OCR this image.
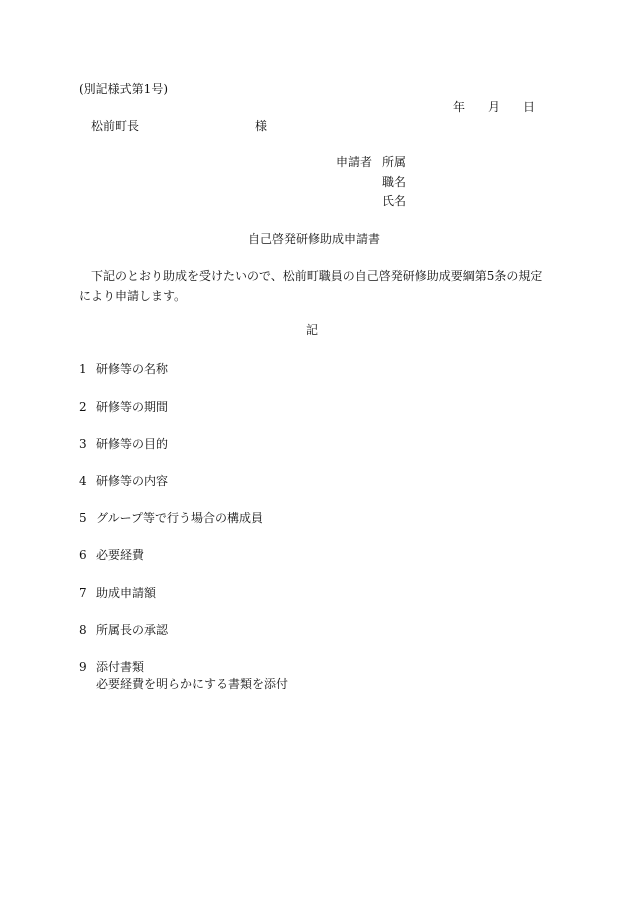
(別記様式第1号)
年 月 日
松前町長	様
申請者 所属
職名
氏名
自己啓発研修助成申請書
下記のとおり助成を受けたいので、松前町職員の自己啓発研修助成要綱第5条の規定により申請します。
記
1 研修等の名称
2 研修等の期間
3 研修等の目的
4 研修等の内容
5 グループ等で行う場合の構成員
6 必要経費
7 助成申請額
8 所属長の承認
9 添付書類
必要経費を明らかにする書類を添付
